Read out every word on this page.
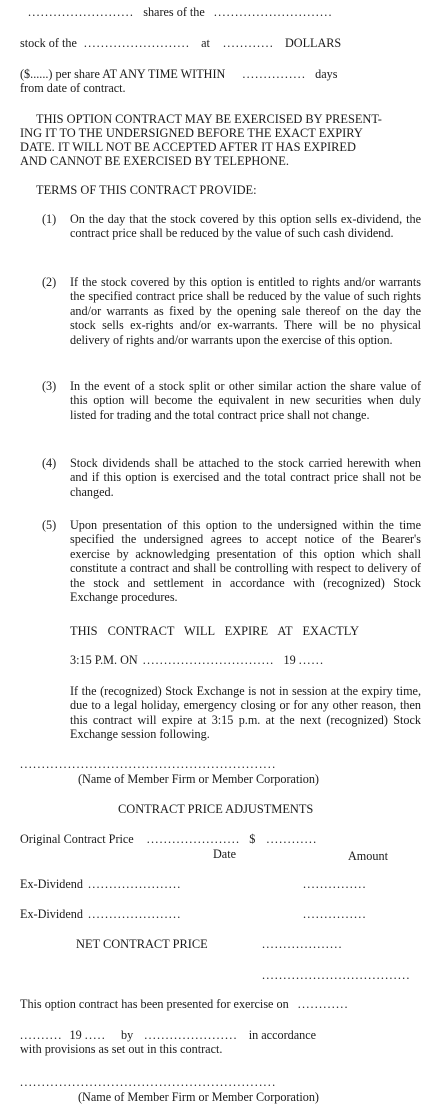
......................... shares of the ............................
stock of the ......................... at ............ DOLLARS
($......) per share AT ANY TIME WITHIN ............... days
from date of contract.
THIS OPTION CONTRACT MAY BE EXERCISED BY PRESENT-
ING IT TO THE UNDERSIGNED BEFORE THE EXACT EXPIRY
DATE. IT WILL NOT BE ACCEPTED AFTER IT HAS EXPIRED
AND CANNOT BE EXERCISED BY TELEPHONE.
TERMS OF THIS CONTRACT PROVIDE:
(1) On the day that the stock covered by this option sells ex-dividend, the contract price shall be reduced by the value of such cash dividend.
(2) If the stock covered by this option is entitled to rights and/or warrants the specified contract price shall be reduced by the value of such rights and/or warrants as fixed by the opening sale thereof on the day the stock sells ex-rights and/or ex-warrants. There will be no physical delivery of rights and/or warrants upon the exercise of this option.
(3) In the event of a stock split or other similar action the share value of this option will become the equivalent in new securities when duly listed for trading and the total contract price shall not change.
(4) Stock dividends shall be attached to the stock carried herewith when and if this option is exercised and the total contract price shall not be changed.
(5) Upon presentation of this option to the undersigned within the time specified the undersigned agrees to accept notice of the Bearer's exercise by acknowledging presentation of this option which shall constitute a contract and shall be controlling with respect to delivery of the stock and settlement in accordance with (recognized) Stock Exchange procedures.
THIS CONTRACT WILL EXPIRE AT EXACTLY
3:15 P.M. ON ............................... 19 ......
If the (recognized) Stock Exchange is not in session at the expiry time, due to a legal holiday, emergency closing or for any other reason, then this contract will expire at 3:15 p.m. at the next (recognized) Stock Exchange session following.
...........................................................
(Name of Member Firm or Member Corporation)
CONTRACT PRICE ADJUSTMENTS
Original Contract Price ...................... $ ............
Date	Amount
Ex-Dividend ......................	...............
Ex-Dividend ......................	...............
NET CONTRACT PRICE	...................
...................................
This option contract has been presented for exercise on ............
.......... 19 ..... by ...................... in accordance
with provisions as set out in this contract.
...........................................................
(Name of Member Firm or Member Corporation)
